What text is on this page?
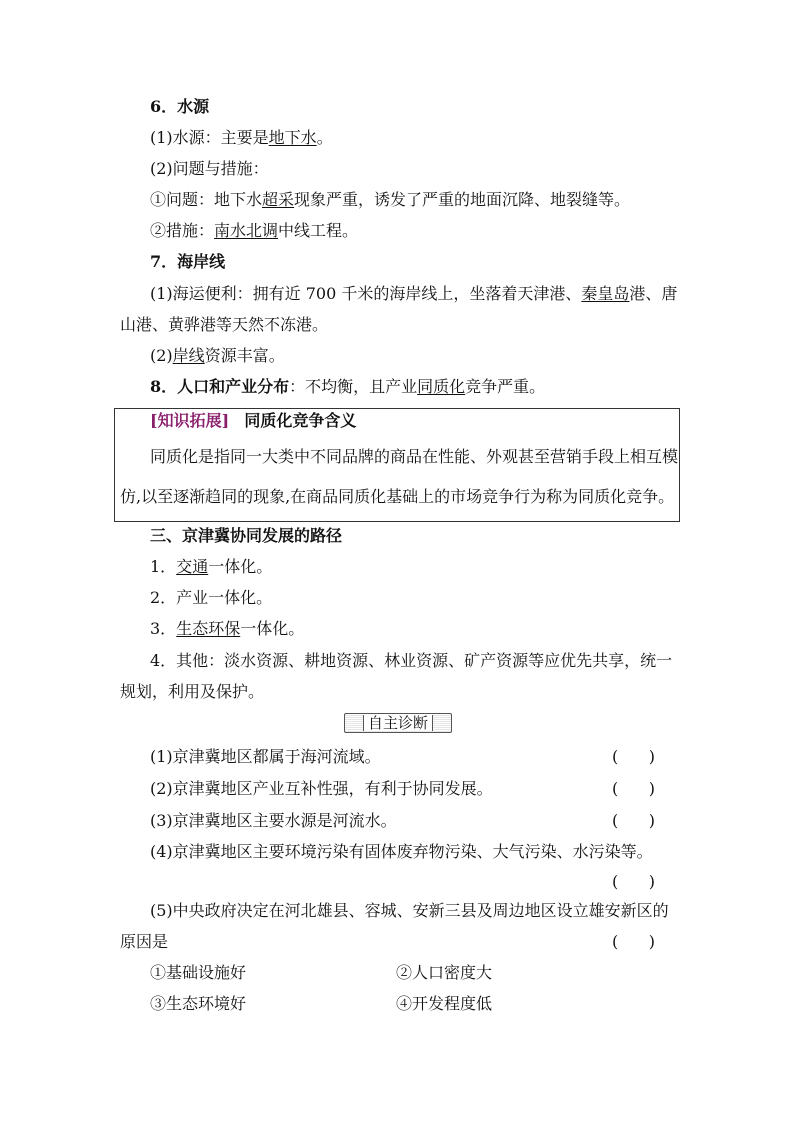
6．水源
(1)水源：主要是地下水。
(2)问题与措施：
①问题：地下水超采现象严重，诱发了严重的地面沉降、地裂缝等。
②措施：南水北调中线工程。
7．海岸线
(1)海运便利：拥有近 700 千米的海岸线上，坐落着天津港、秦皇岛港、唐
山港、黄骅港等天然不冻港。
(2)岸线资源丰富。
8．人口和产业分布：不均衡，且产业同质化竞争严重。
[知识拓展] 同质化竞争含义
同质化是指同一大类中不同品牌的商品在性能、外观甚至营销手段上相互模
仿,以至逐渐趋同的现象,在商品同质化基础上的市场竞争行为称为同质化竞争。
三、京津冀协同发展的路径
1．交通一体化。
2．产业一体化。
3．生态环保一体化。
4．其他：淡水资源、耕地资源、林业资源、矿产资源等应优先共享，统一
规划，利用及保护。
自主诊断
(1)京津冀地区都属于海河流域。	(      )
(2)京津冀地区产业互补性强，有利于协同发展。	(      )
(3)京津冀地区主要水源是河流水。	(      )
(4)京津冀地区主要环境污染有固体废弃物污染、大气污染、水污染等。
(      )
(5)中央政府决定在河北雄县、容城、安新三县及周边地区设立雄安新区的
原因是	(      )
①基础设施好	②人口密度大
③生态环境好	④开发程度低
